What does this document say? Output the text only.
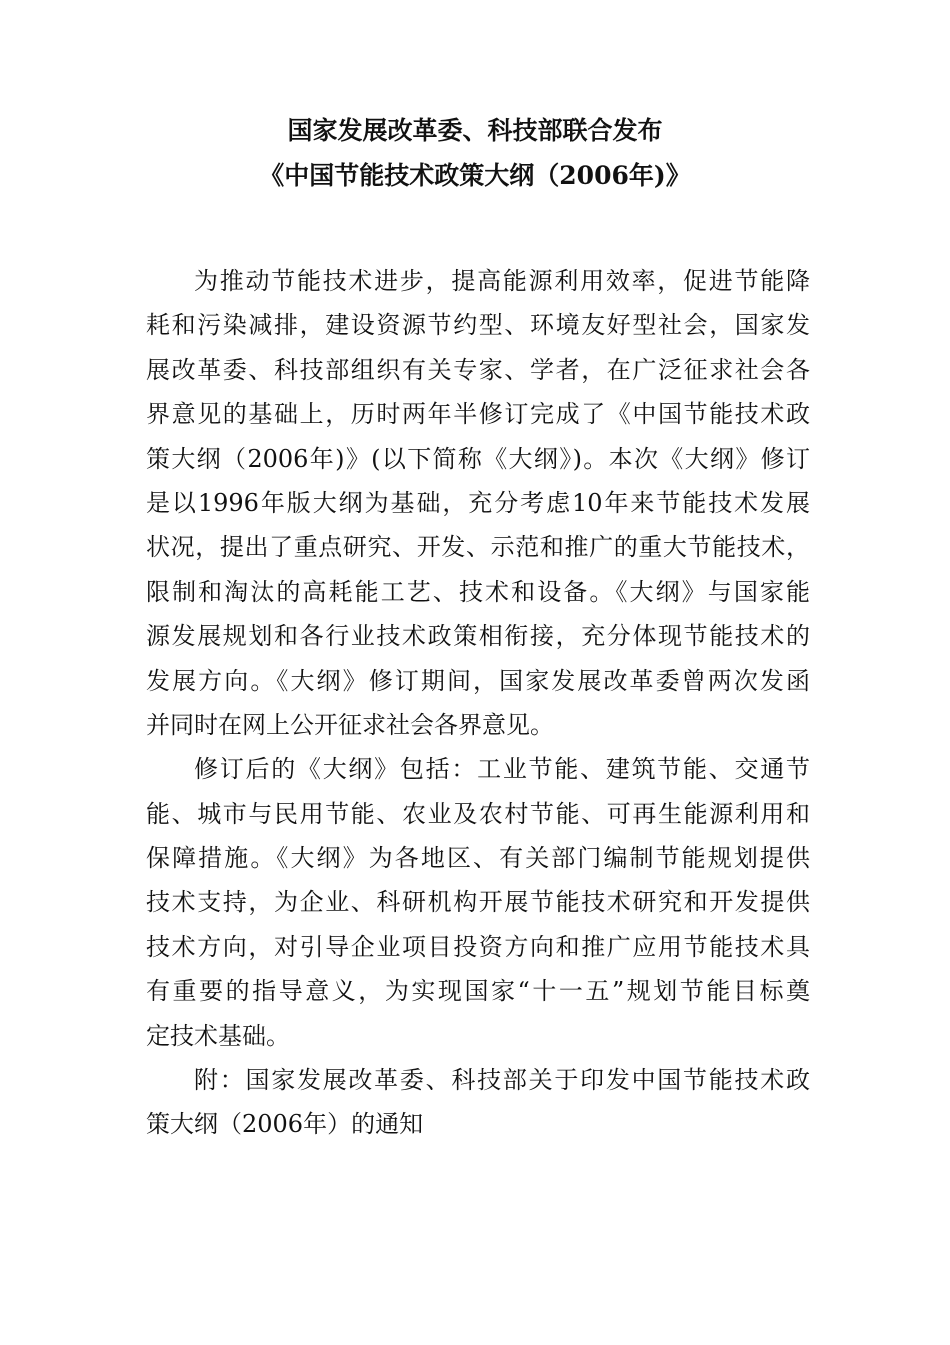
国家发展改革委、科技部联合发布
《中国节能技术政策大纲（2006年)》
为推动节能技术进步，提高能源利用效率，促进节能降
耗和污染减排，建设资源节约型、环境友好型社会，国家发
展改革委、科技部组织有关专家、学者，在广泛征求社会各
界意见的基础上，历时两年半修订完成了《中国节能技术政
策大纲（2006年)》(以下简称《大纲》)。本次《大纲》修订
是以1996年版大纲为基础，充分考虑10年来节能技术发展
状况，提出了重点研究、开发、示范和推广的重大节能技术，
限制和淘汰的高耗能工艺、技术和设备。《大纲》与国家能
源发展规划和各行业技术政策相衔接，充分体现节能技术的
发展方向。《大纲》修订期间，国家发展改革委曾两次发函
并同时在网上公开征求社会各界意见。
修订后的《大纲》包括：工业节能、建筑节能、交通节
能、城市与民用节能、农业及农村节能、可再生能源利用和
保障措施。《大纲》为各地区、有关部门编制节能规划提供
技术支持，为企业、科研机构开展节能技术研究和开发提供
技术方向，对引导企业项目投资方向和推广应用节能技术具
有重要的指导意义，为实现国家“十一五”规划节能目标奠
定技术基础。
附：国家发展改革委、科技部关于印发中国节能技术政
策大纲（2006年）的通知
